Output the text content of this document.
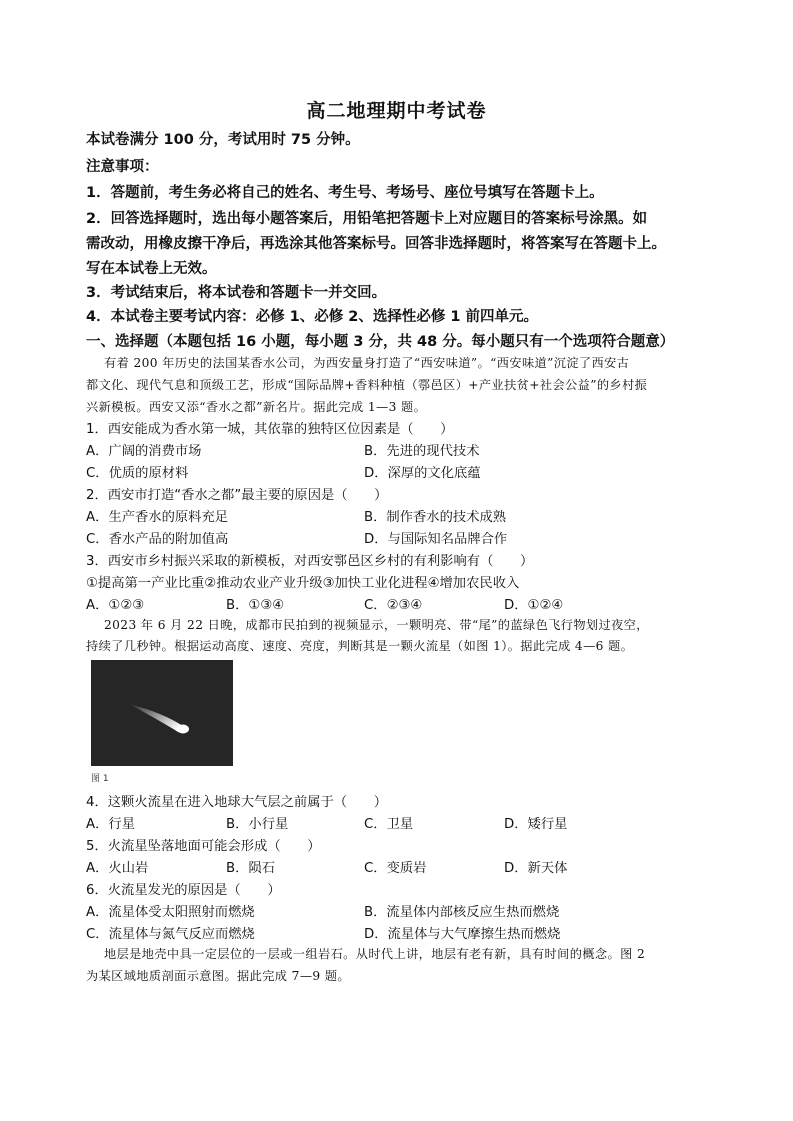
高二地理期中考试卷
本试卷满分 100 分，考试用时 75 分钟。
注意事项：
1．答题前，考生务必将自己的姓名、考生号、考场号、座位号填写在答题卡上。
2．回答选择题时，选出每小题答案后，用铅笔把答题卡上对应题目的答案标号涂黑。如
需改动，用橡皮擦干净后，再选涂其他答案标号。回答非选择题时，将答案写在答题卡上。
写在本试卷上无效。
3．考试结束后，将本试卷和答题卡一并交回。
4．本试卷主要考试内容：必修 1、必修 2、选择性必修 1 前四单元。
一、选择题（本题包括 16 小题，每小题 3 分，共 48 分。每小题只有一个选项符合题意）
有着 200 年历史的法国某香水公司，为西安量身打造了“西安味道”。“西安味道”沉淀了西安古
都文化、现代气息和顶级工艺，形成“国际品牌+香料种植（鄠邑区）+产业扶贫+社会公益”的乡村振
兴新模板。西安又添“香水之都”新名片。据此完成 1—3 题。
1．西安能成为香水第一城，其依靠的独特区位因素是（　　）
A．广阔的消费市场	B．先进的现代技术
C．优质的原材料	D．深厚的文化底蕴
2．西安市打造“香水之都”最主要的原因是（　　）
A．生产香水的原料充足	B．制作香水的技术成熟
C．香水产品的附加值高	D．与国际知名品牌合作
3．西安市乡村振兴采取的新模板，对西安鄠邑区乡村的有利影响有（　　）
①提高第一产业比重②推动农业产业升级③加快工业化进程④增加农民收入
A．①②③	B．①③④	C．②③④	D．①②④
2023 年 6 月 22 日晚，成都市民拍到的视频显示，一颗明亮、带“尾”的蓝绿色飞行物划过夜空，
持续了几秒钟。根据运动高度、速度、亮度，判断其是一颗火流星（如图 1）。据此完成 4—6 题。
图 1
4．这颗火流星在进入地球大气层之前属于（　　）
A．行星	B．小行星	C．卫星	D．矮行星
5．火流星坠落地面可能会形成（　　）
A．火山岩	B．陨石	C．变质岩	D．新天体
6．火流星发光的原因是（　　）
A．流星体受太阳照射而燃烧	B．流星体内部核反应生热而燃烧
C．流星体与氮气反应而燃烧	D．流星体与大气摩擦生热而燃烧
地层是地壳中具一定层位的一层或一组岩石。从时代上讲，地层有老有新，具有时间的概念。图 2
为某区域地质剖面示意图。据此完成 7—9 题。
